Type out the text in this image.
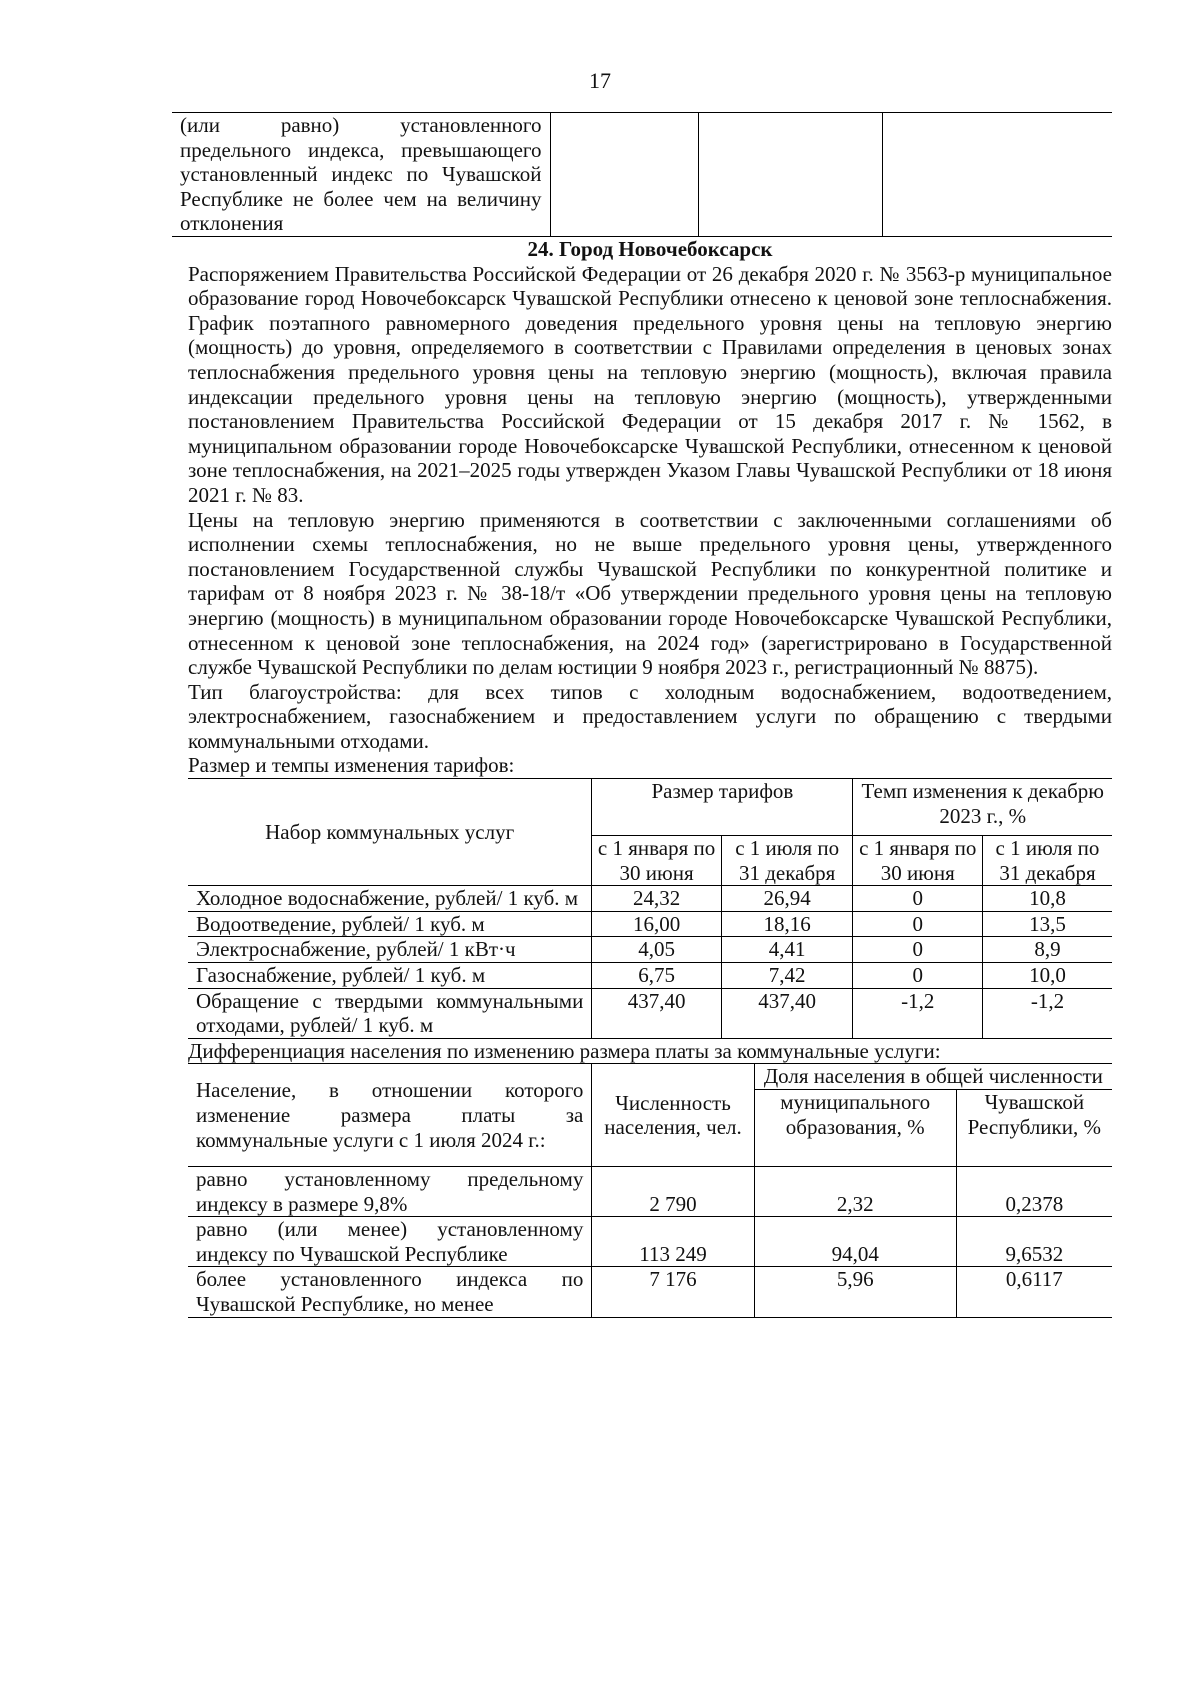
17
(или равно) установленного предельного индекса, превышающего установленный индекс по Чувашской Республике не более чем на величину отклонения			
24. Город Новочебоксарск

Распоряжением Правительства Российской Федерации от 26 декабря 2020 г. № 3563-р муниципальное образование город Новочебоксарск Чувашской Республики отнесено к ценовой зоне теплоснабжения. График поэтапного равномерного доведения предельного уровня цены на тепловую энергию (мощность) до уровня, определяемого в соответствии с Правилами определения в ценовых зонах теплоснабжения предельного уровня цены на тепловую энергию (мощность), включая правила индексации предельного уровня цены на тепловую энергию (мощность), утвержденными постановлением Правительства Российской Федерации от 15 декабря 2017 г. № 1562, в муниципальном образовании городе Новочебоксарске Чувашской Республики, отнесенном к ценовой зоне теплоснабжения, на 2021–2025 годы утвержден Указом Главы Чувашской Республики от 18 июня 2021 г. № 83.

Цены на тепловую энергию применяются в соответствии с заключенными соглашениями об исполнении схемы теплоснабжения, но не выше предельного уровня цены, утвержденного постановлением Государственной службы Чувашской Республики по конкурентной политике и тарифам от 8 ноября 2023 г. № 38-18/т «Об утверждении предельного уровня цены на тепловую энергию (мощность) в муниципальном образовании городе Новочебоксарске Чувашской Республики, отнесенном к ценовой зоне теплоснабжения, на 2024 год» (зарегистрировано в Государственной службе Чувашской Республики по делам юстиции 9 ноября 2023 г., регистрационный № 8875).

Тип благоустройства: для всех типов с холодным водоснабжением, водоотведением, электроснабжением, газоснабжением и предоставлением услуги по обращению с твердыми коммунальными отходами.

Размер и темпы изменения тарифов:
Набор коммунальных услуг	Размер тарифов		Темп изменения к декабрю 2023 г., %	
	с 1 января по 30 июня	с 1 июля по 31 декабря	с 1 января по 30 июня	с 1 июля по 31 декабря
Холодное водоснабжение, рублей/ 1 куб. м	24,32	26,94	0	10,8
Водоотведение, рублей/ 1 куб. м	16,00	18,16	0	13,5
Электроснабжение, рублей/ 1 кВт·ч	4,05	4,41	0	8,9
Газоснабжение, рублей/ 1 куб. м	6,75	7,42	0	10,0
Обращение с твердыми коммунальными отходами, рублей/ 1 куб. м	437,40	437,40	-1,2	-1,2
Дифференциация населения по изменению размера платы за коммунальные услуги:
Население, в отношении которого изменение размера платы за коммунальные услуги с 1 июля 2024 г.:	Численность населения, чел.	Доля населения в общей численности	
		муниципального образования, %	Чувашской Республики, %
равно установленному предельному индексу в размере 9,8%	2 790	2,32	0,2378
равно (или менее) установленному индексу по Чувашской Республике	113 249	94,04	9,6532
более установленного индекса по Чувашской Республике, но менее	7 176	5,96	0,6117
